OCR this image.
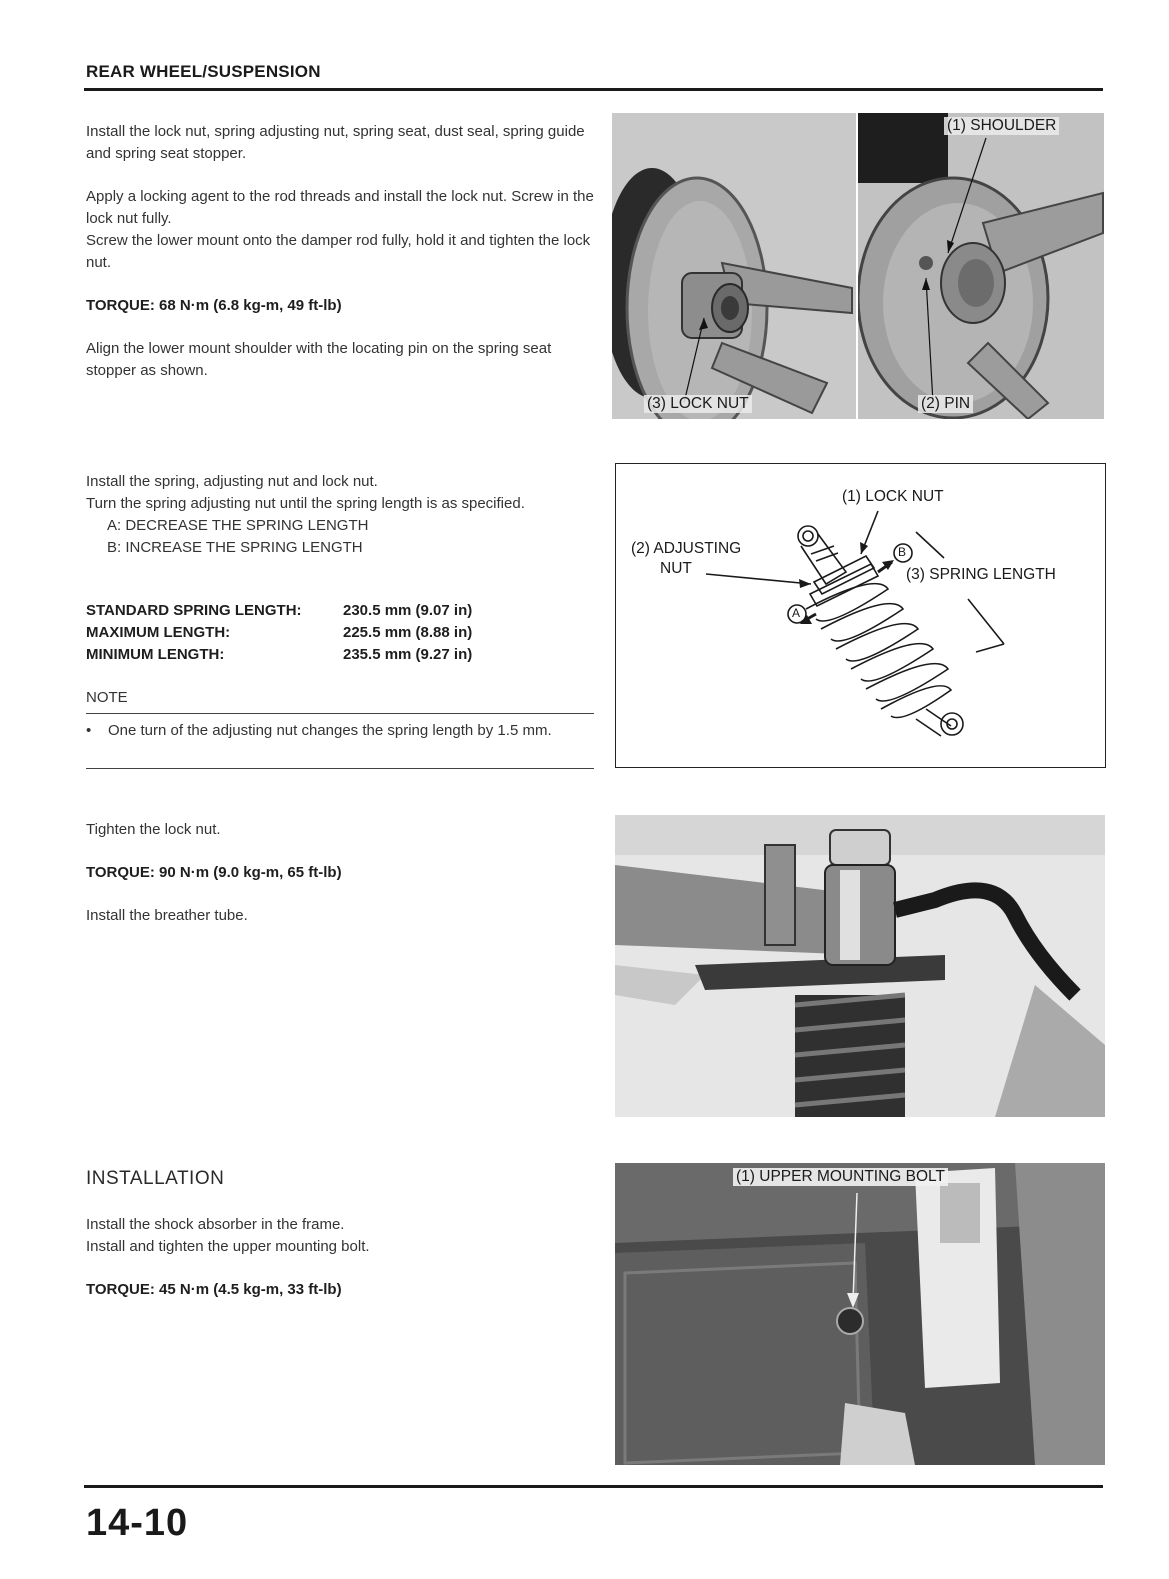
REAR WHEEL/SUSPENSION

Install the lock nut, spring adjusting nut, spring seat, dust seal, spring guide and spring seat stopper.

Apply a locking agent to the rod threads and install the lock nut. Screw in the lock nut fully.

Screw the lower mount onto the damper rod fully, hold it and tighten the lock nut.

TORQUE: 68 N·m (6.8 kg-m, 49 ft-lb)

Align the lower mount shoulder with the locating pin on the spring seat stopper as shown.

(1) SHOULDER
(3) LOCK NUT	(2) PIN

Install the spring, adjusting nut and lock nut.

Turn the spring adjusting nut until the spring length is as specified.

A: DECREASE THE SPRING LENGTH

B: INCREASE THE SPRING LENGTH

STANDARD SPRING LENGTH:	230.5 mm (9.07 in)
MAXIMUM LENGTH:	225.5 mm (8.88 in)
MINIMUM LENGTH:	235.5 mm (9.27 in)
NOTE
• One turn of the adjusting nut changes the spring length by 1.5 mm.
(1) LOCK NUT
(2) ADJUSTING
NUT	(3) SPRING LENGTH
B
A

Tighten the lock nut.

TORQUE: 90 N·m (9.0 kg-m, 65 ft-lb)

Install the breather tube.

INSTALLATION

Install the shock absorber in the frame.

Install and tighten the upper mounting bolt.

TORQUE: 45 N·m (4.5 kg-m, 33 ft-lb)

(1) UPPER MOUNTING BOLT
14-10
